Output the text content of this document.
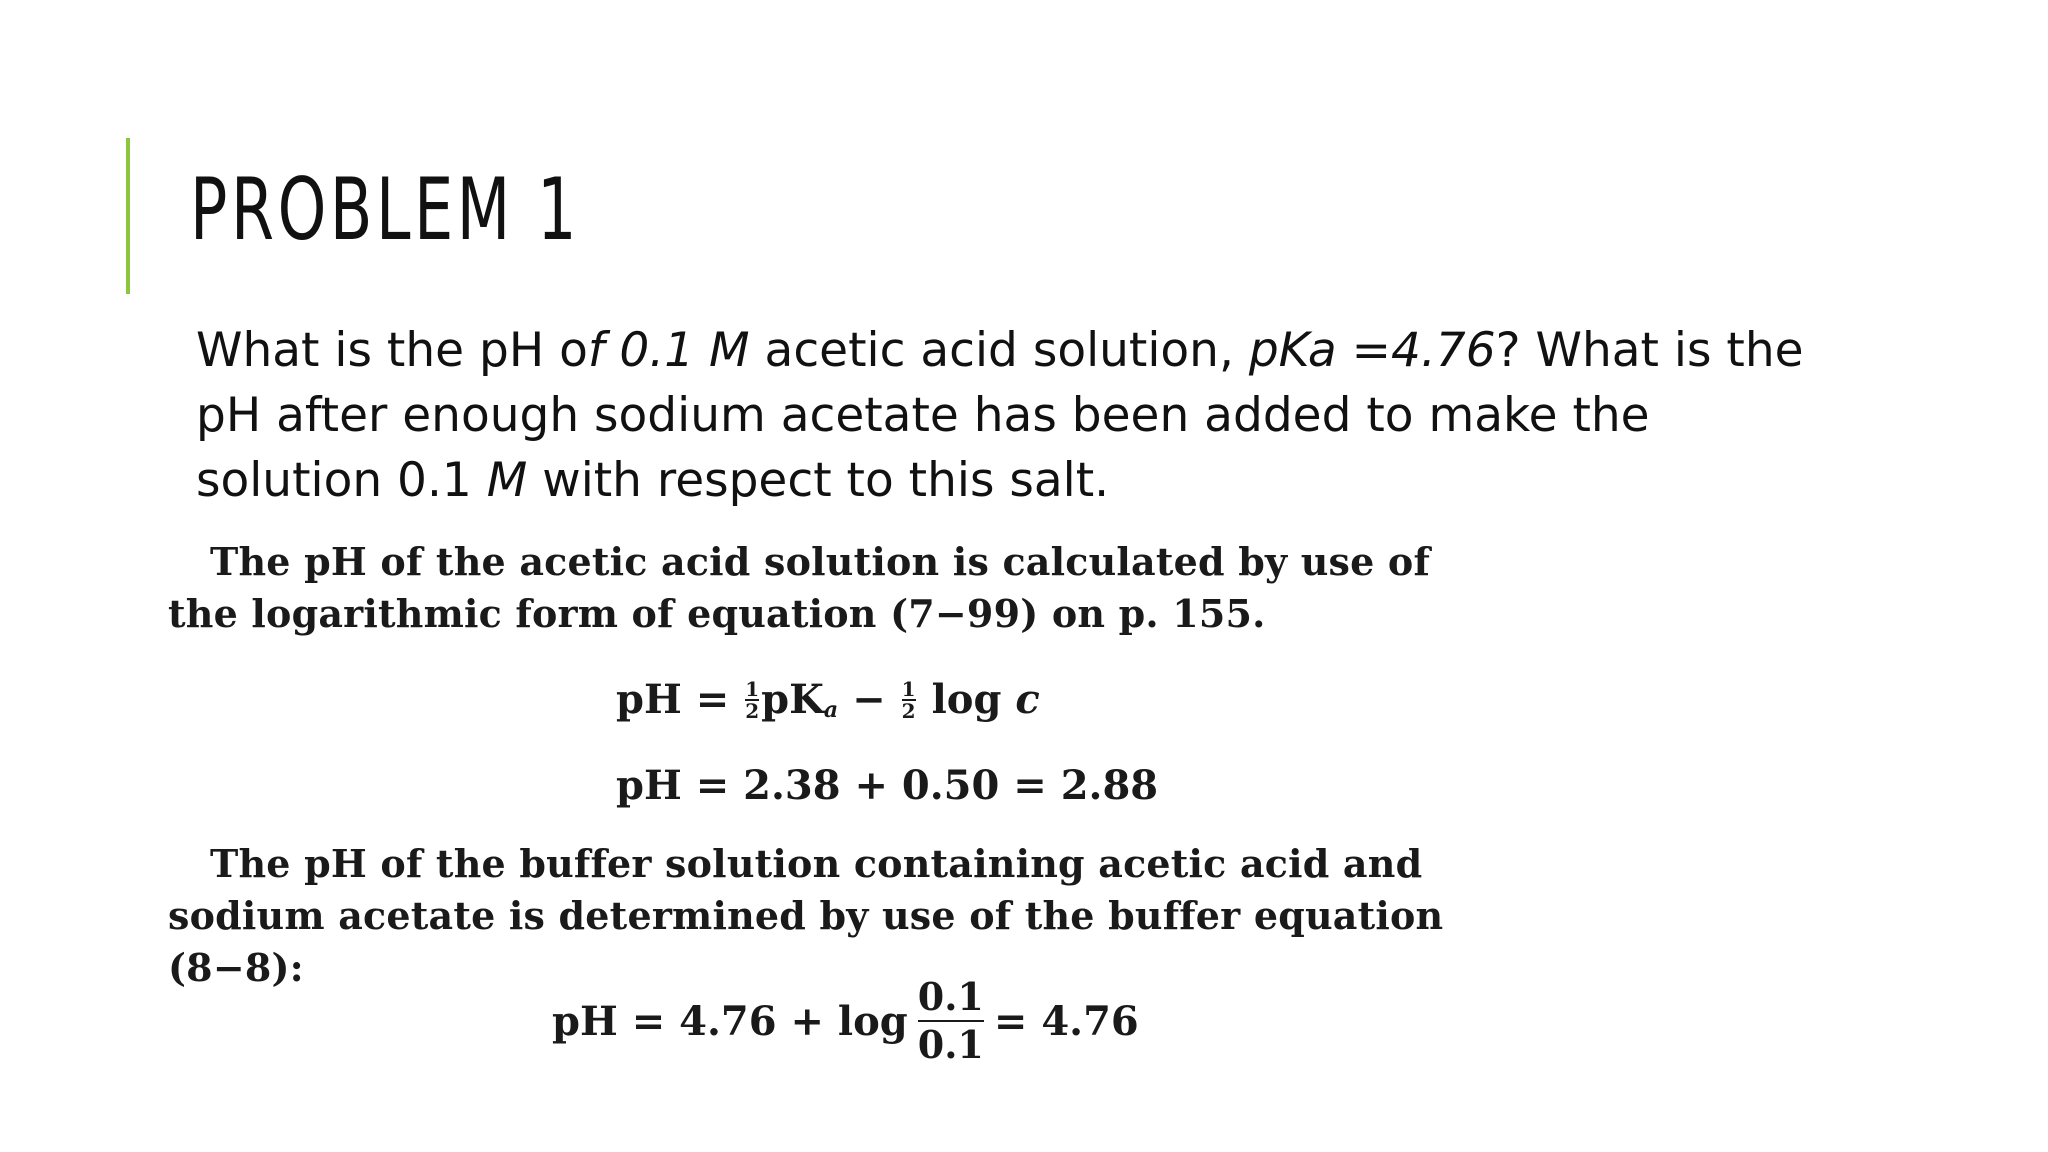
PROBLEM 1

What is the pH of 0.1 M acetic acid solution, pKa =4.76? What is the pH after enough sodium acetate has been added to make the solution 0.1 M with respect to this salt.

The pH of the acetic acid solution is calculated by use of the logarithmic form of equation (7−99) on p. 155.

pH = $\frac{1}{2}$ pK $a - \frac{1}{2}$ log c
pH = 2.38 + 0.50 = 2.88

The pH of the buffer solution containing acetic acid and sodium acetate is determined by use of the buffer equation (8−8):

pH = $4.76 + \log \frac{0.1}{0.1} = 4.76$
